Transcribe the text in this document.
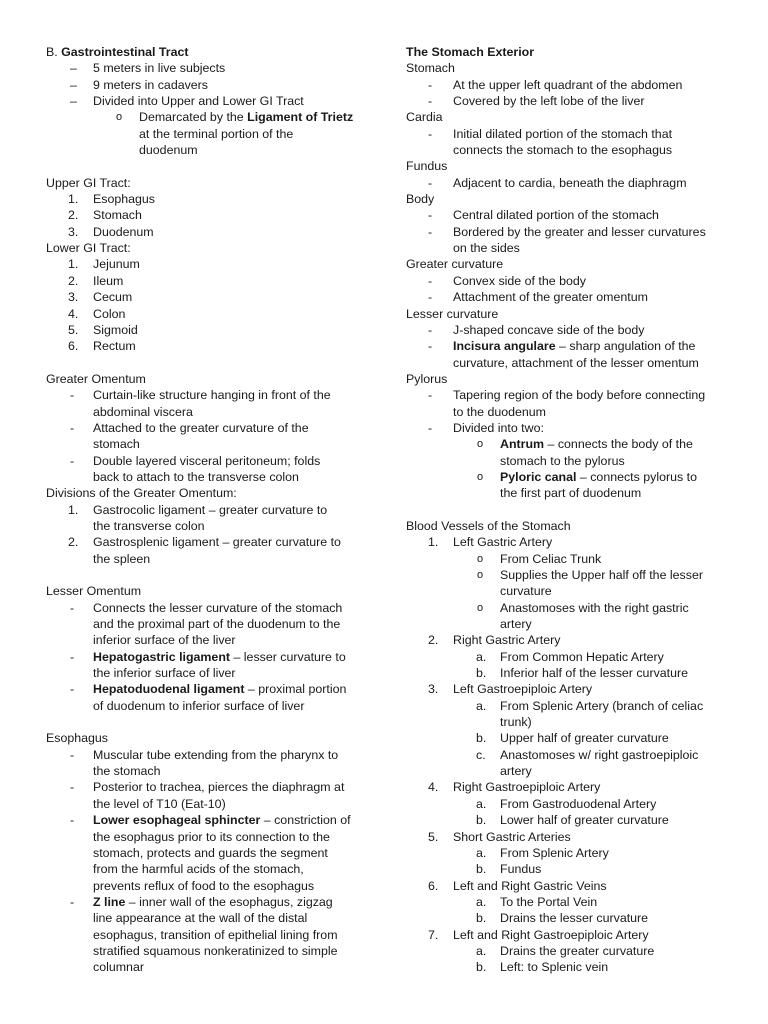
B. Gastrointestinal Tract
– 5 meters in live subjects
– 9 meters in cadavers
– Divided into Upper and Lower GI Tract
o Demarcated by the Ligament of Trietz
at the terminal portion of the
duodenum
Upper GI Tract:
1. Esophagus
2. Stomach
3. Duodenum
Lower GI Tract:
1. Jejunum
2. Ileum
3. Cecum
4. Colon
5. Sigmoid
6. Rectum
Greater Omentum
- Curtain-like structure hanging in front of the
abdominal viscera
- Attached to the greater curvature of the
stomach
- Double layered visceral peritoneum; folds
back to attach to the transverse colon
Divisions of the Greater Omentum:
1. Gastrocolic ligament – greater curvature to
the transverse colon
2. Gastrosplenic ligament – greater curvature to
the spleen
Lesser Omentum
- Connects the lesser curvature of the stomach
and the proximal part of the duodenum to the
inferior surface of the liver
- Hepatogastric ligament – lesser curvature to
the inferior surface of liver
- Hepatoduodenal ligament – proximal portion
of duodenum to inferior surface of liver
Esophagus
- Muscular tube extending from the pharynx to
the stomach
- Posterior to trachea, pierces the diaphragm at
the level of T10 (Eat-10)
- Lower esophageal sphincter – constriction of
the esophagus prior to its connection to the
stomach, protects and guards the segment
from the harmful acids of the stomach,
prevents reflux of food to the esophagus
- Z line – inner wall of the esophagus, zigzag
line appearance at the wall of the distal
esophagus, transition of epithelial lining from
stratified squamous nonkeratinized to simple
columnar
The Stomach Exterior
Stomach
- At the upper left quadrant of the abdomen
- Covered by the left lobe of the liver
Cardia
- Initial dilated portion of the stomach that
connects the stomach to the esophagus
Fundus
- Adjacent to cardia, beneath the diaphragm
Body
- Central dilated portion of the stomach
- Bordered by the greater and lesser curvatures
on the sides
Greater curvature
- Convex side of the body
- Attachment of the greater omentum
Lesser curvature
- J-shaped concave side of the body
- Incisura angulare – sharp angulation of the
curvature, attachment of the lesser omentum
Pylorus
- Tapering region of the body before connecting
to the duodenum
- Divided into two:
o Antrum – connects the body of the
stomach to the pylorus
o Pyloric canal – connects pylorus to
the first part of duodenum
Blood Vessels of the Stomach
1. Left Gastric Artery
o From Celiac Trunk
o Supplies the Upper half off the lesser
curvature
o Anastomoses with the right gastric
artery
2. Right Gastric Artery
a. From Common Hepatic Artery
b. Inferior half of the lesser curvature
3. Left Gastroepiploic Artery
a. From Splenic Artery (branch of celiac
trunk)
b. Upper half of greater curvature
c. Anastomoses w/ right gastroepiploic
artery
4. Right Gastroepiploic Artery
a. From Gastroduodenal Artery
b. Lower half of greater curvature
5. Short Gastric Arteries
a. From Splenic Artery
b. Fundus
6. Left and Right Gastric Veins
a. To the Portal Vein
b. Drains the lesser curvature
7. Left and Right Gastroepiploic Artery
a. Drains the greater curvature
b. Left: to Splenic vein
